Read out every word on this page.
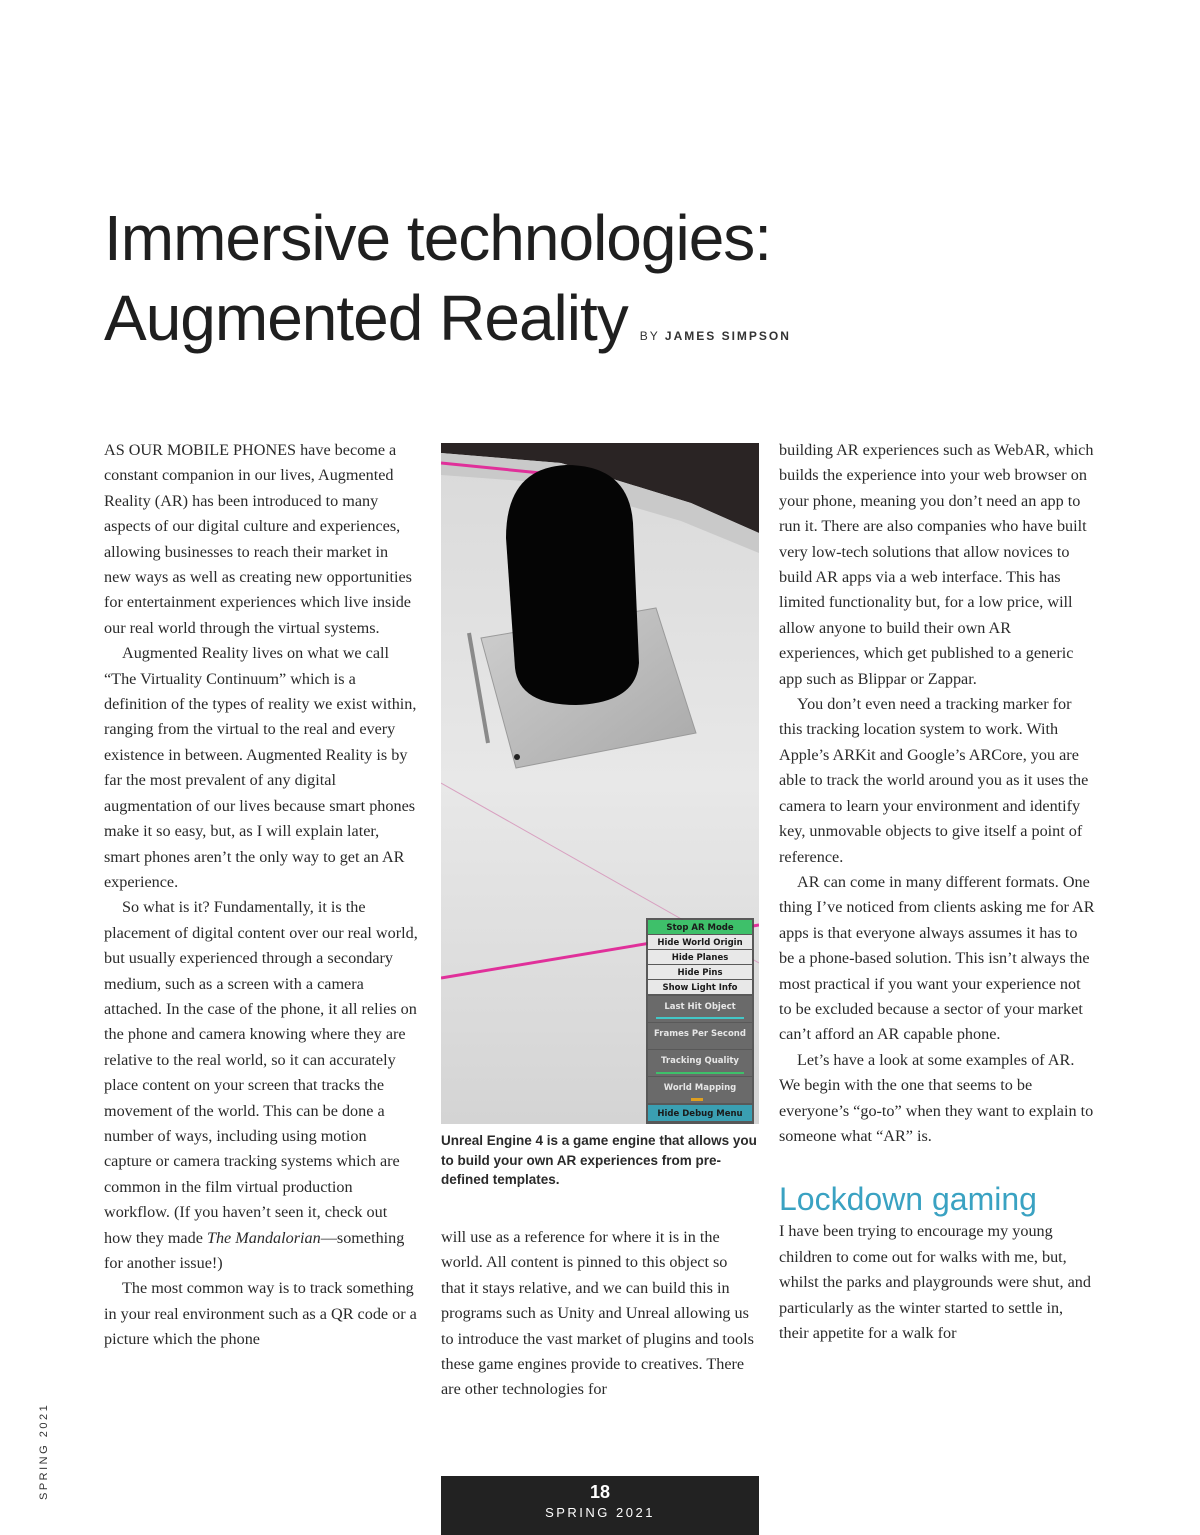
Immersive technologies:
Augmented Reality BY JAMES SIMPSON

AS OUR MOBILE PHONES have become a constant companion in our lives, Augmented Reality (AR) has been introduced to many aspects of our digital culture and experiences, allowing businesses to reach their market in new ways as well as creating new opportunities for entertainment experiences which live inside our real world through the virtual systems.

Augmented Reality lives on what we call “The Virtuality Continuum” which is a definition of the types of reality we exist within, ranging from the virtual to the real and every existence in between. Augmented Reality is by far the most prevalent of any digital augmentation of our lives because smart phones make it so easy, but, as I will explain later, smart phones aren’t the only way to get an AR experience.

So what is it? Fundamentally, it is the placement of digital content over our real world, but usually experienced through a secondary medium, such as a screen with a camera attached. In the case of the phone, it all relies on the phone and camera knowing where they are relative to the real world, so it can accurately place content on your screen that tracks the movement of the world. This can be done a number of ways, including using motion capture or camera tracking systems which are common in the film virtual production workflow. (If you haven’t seen it, check out how they made The Mandalorian—something for another issue!)

The most common way is to track something in your real environment such as a QR code or a picture which the phone

Stop AR Mode
Hide World Origin
Hide Planes
Hide Pins
Show Light Info
Last Hit Object
Frames Per Second
Tracking Quality
World Mapping
Hide Debug Menu
Unreal Engine 4 is a game engine that allows you to build your own AR experiences from pre-defined templates.

will use as a reference for where it is in the world. All content is pinned to this object so that it stays relative, and we can build this in programs such as Unity and Unreal allowing us to introduce the vast market of plugins and tools these game engines provide to creatives. There are other technologies for

building AR experiences such as WebAR, which builds the experience into your web browser on your phone, meaning you don’t need an app to run it. There are also companies who have built very low-tech solutions that allow novices to build AR apps via a web interface. This has limited functionality but, for a low price, will allow anyone to build their own AR experiences, which get published to a generic app such as Blippar or Zappar.

You don’t even need a tracking marker for this tracking location system to work. With Apple’s ARKit and Google’s ARCore, you are able to track the world around you as it uses the camera to learn your environment and identify key, unmovable objects to give itself a point of reference.

AR can come in many different formats. One thing I’ve noticed from clients asking me for AR apps is that everyone always assumes it has to be a phone-based solution. This isn’t always the most practical if you want your experience not to be excluded because a sector of your market can’t afford an AR capable phone.

Let’s have a look at some examples of AR. We begin with the one that seems to be everyone’s “go-to” when they want to explain to someone what “AR” is.

Lockdown gaming

I have been trying to encourage my young children to come out for walks with me, but, whilst the parks and playgrounds were shut, and particularly as the winter started to settle in, their appetite for a walk for

SPRING 2021	18
SPRING 2021
